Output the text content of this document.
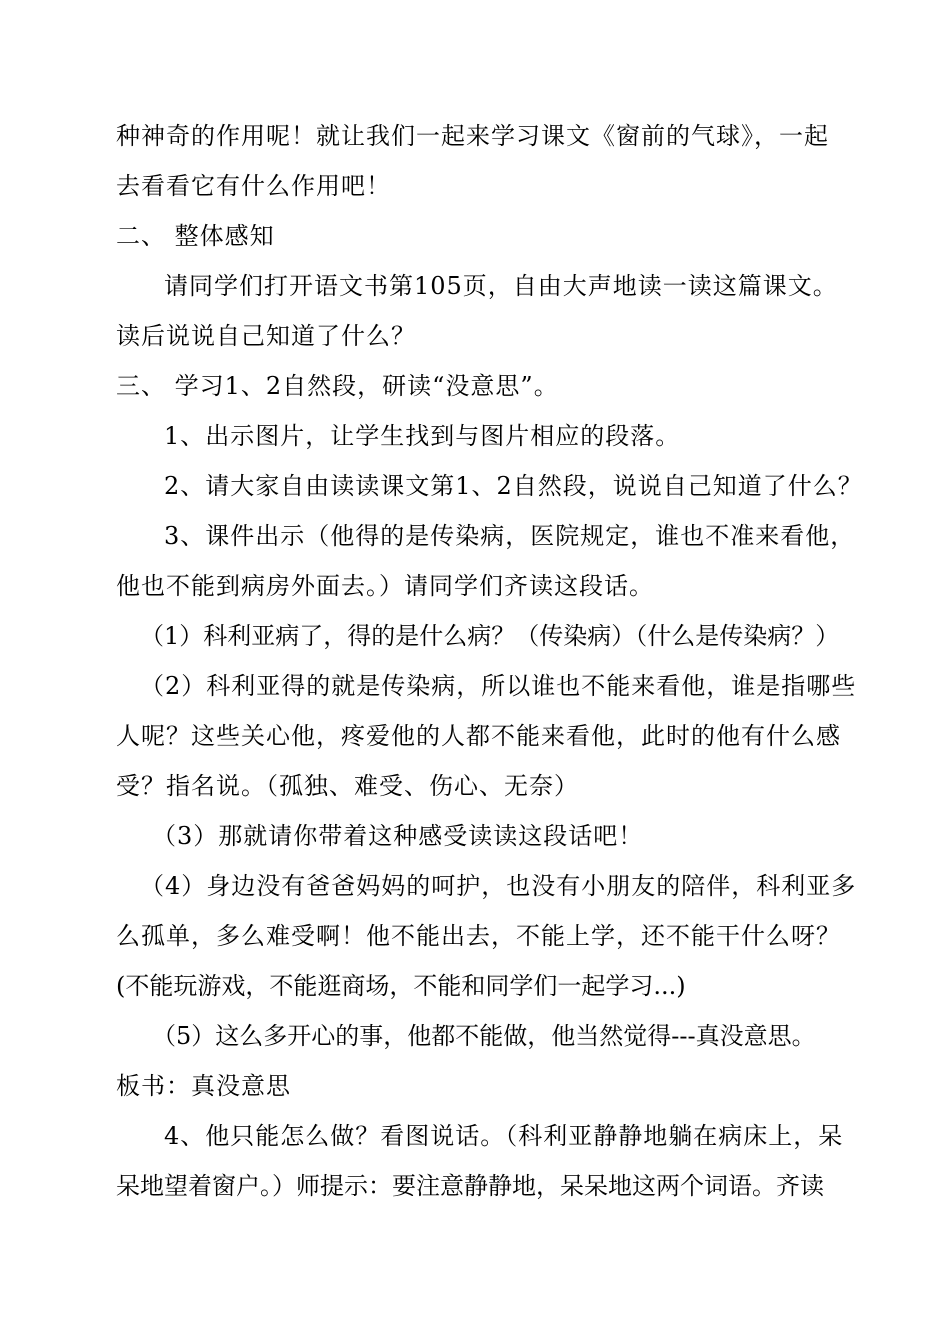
种神奇的作用呢！就让我们一起来学习课文《窗前的气球》，一起
去看看它有什么作用吧！
二、 整体感知
请同学们打开语文书第105页，自由大声地读一读这篇课文。
读后说说自己知道了什么？
三、 学习1、2自然段，研读“没意思”。
1、出示图片，让学生找到与图片相应的段落。
2、请大家自由读读课文第1、2自然段，说说自己知道了什么？
3、课件出示（他得的是传染病，医院规定，谁也不准来看他，
他也不能到病房外面去。）请同学们齐读这段话。
（1）科利亚病了，得的是什么病？（传染病）（什么是传染病？）
（2）科利亚得的就是传染病，所以谁也不能来看他，谁是指哪些
人呢？这些关心他，疼爱他的人都不能来看他，此时的他有什么感
受？指名说。（孤独、难受、伤心、无奈）
（3）那就请你带着这种感受读读这段话吧！
（4）身边没有爸爸妈妈的呵护，也没有小朋友的陪伴，科利亚多
么孤单，多么难受啊！他不能出去，不能上学，还不能干什么呀？
(不能玩游戏，不能逛商场，不能和同学们一起学习...)
（5）这么多开心的事，他都不能做，他当然觉得---真没意思。
板书：真没意思
4、他只能怎么做？看图说话。（科利亚静静地躺在病床上，呆
呆地望着窗户。）师提示：要注意静静地，呆呆地这两个词语。齐读
